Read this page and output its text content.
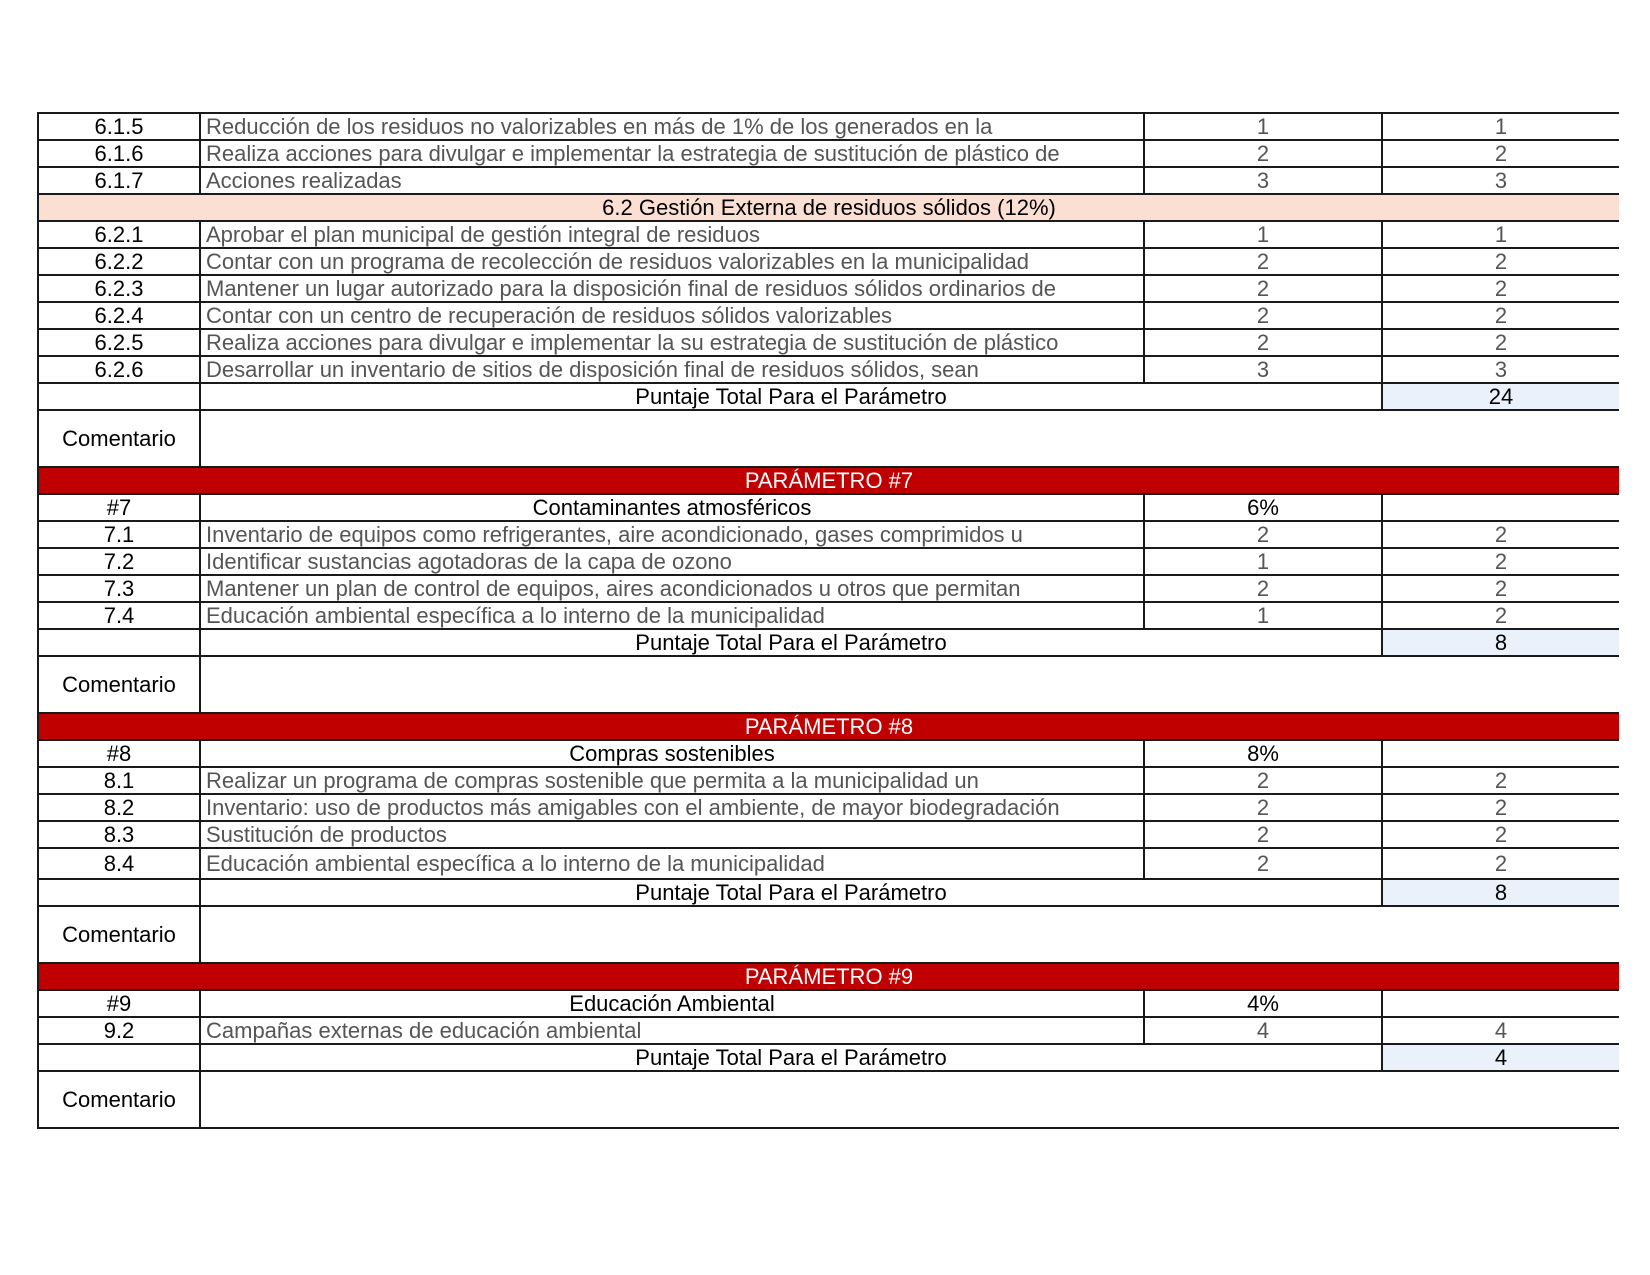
6.1.5	Reducción de los residuos no valorizables en más de 1% de los generados en la	1	1
6.1.6	Realiza acciones para divulgar e implementar la estrategia de sustitución de plástico de	2	2
6.1.7	Acciones realizadas	3	3
6.2 Gestión Externa de residuos sólidos (12%)			
6.2.1	Aprobar el plan municipal de gestión integral de residuos	1	1
6.2.2	Contar con un programa de recolección de residuos valorizables en la municipalidad	2	2
6.2.3	Mantener un lugar autorizado para la disposición final de residuos sólidos ordinarios de	2	2
6.2.4	Contar con un centro de recuperación de residuos sólidos valorizables	2	2
6.2.5	Realiza acciones para divulgar e implementar la su estrategia de sustitución de plástico	2	2
6.2.6	Desarrollar un inventario de sitios de disposición final de residuos sólidos, sean	3	3
	Puntaje Total Para el Parámetro		24
Comentario			
PARÁMETRO #7			
#7	Contaminantes atmosféricos	6%	
7.1	Inventario de equipos como refrigerantes, aire acondicionado, gases comprimidos u	2	2
7.2	Identificar sustancias agotadoras de la capa de ozono	1	2
7.3	Mantener un plan de control de equipos, aires acondicionados u otros que permitan	2	2
7.4	Educación ambiental específica a lo interno de la municipalidad	1	2
	Puntaje Total Para el Parámetro		8
Comentario			
PARÁMETRO #8			
#8	Compras sostenibles	8%	
8.1	Realizar un programa de compras sostenible que permita a la municipalidad un	2	2
8.2	Inventario: uso de productos más amigables con el ambiente, de mayor biodegradación	2	2
8.3	Sustitución de productos	2	2
8.4	Educación ambiental específica a lo interno de la municipalidad	2	2
	Puntaje Total Para el Parámetro		8
Comentario			
PARÁMETRO #9			
#9	Educación Ambiental	4%	
9.2	Campañas externas de educación ambiental	4	4
	Puntaje Total Para el Parámetro		4
Comentario			
